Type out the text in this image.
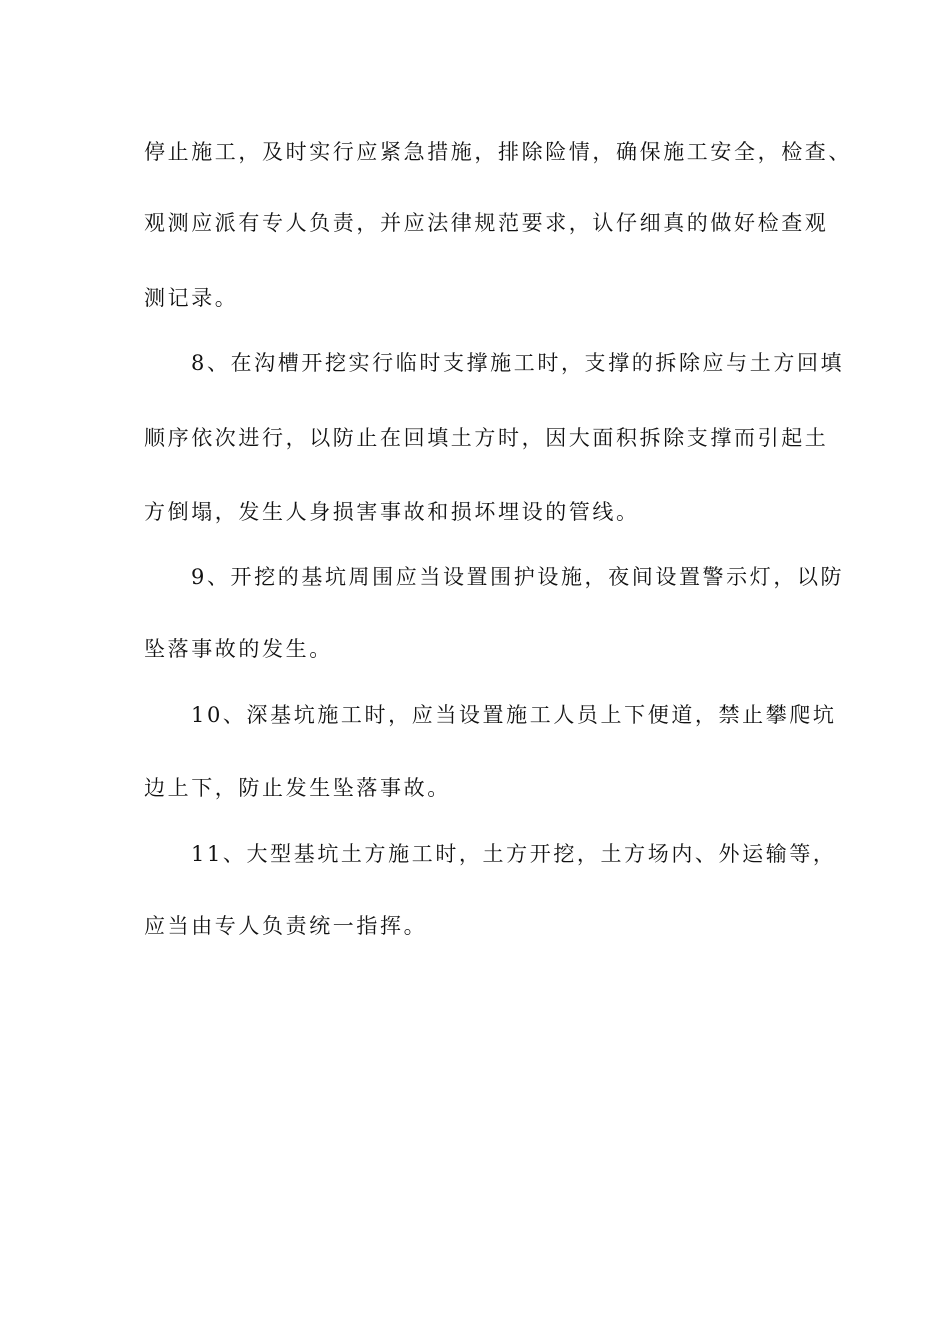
停止施工，及时实行应紧急措施，排除险情，确保施工安全，检查、
观测应派有专人负责，并应法律规范要求，认仔细真的做好检查观
测记录。
8、在沟槽开挖实行临时支撑施工时，支撑的拆除应与土方回填
顺序依次进行，以防止在回填土方时，因大面积拆除支撑而引起土
方倒塌，发生人身损害事故和损坏埋设的管线。
9、开挖的基坑周围应当设置围护设施，夜间设置警示灯，以防
坠落事故的发生。
10、深基坑施工时，应当设置施工人员上下便道，禁止攀爬坑
边上下，防止发生坠落事故。
11、大型基坑土方施工时，土方开挖，土方场内、外运输等，
应当由专人负责统一指挥。
